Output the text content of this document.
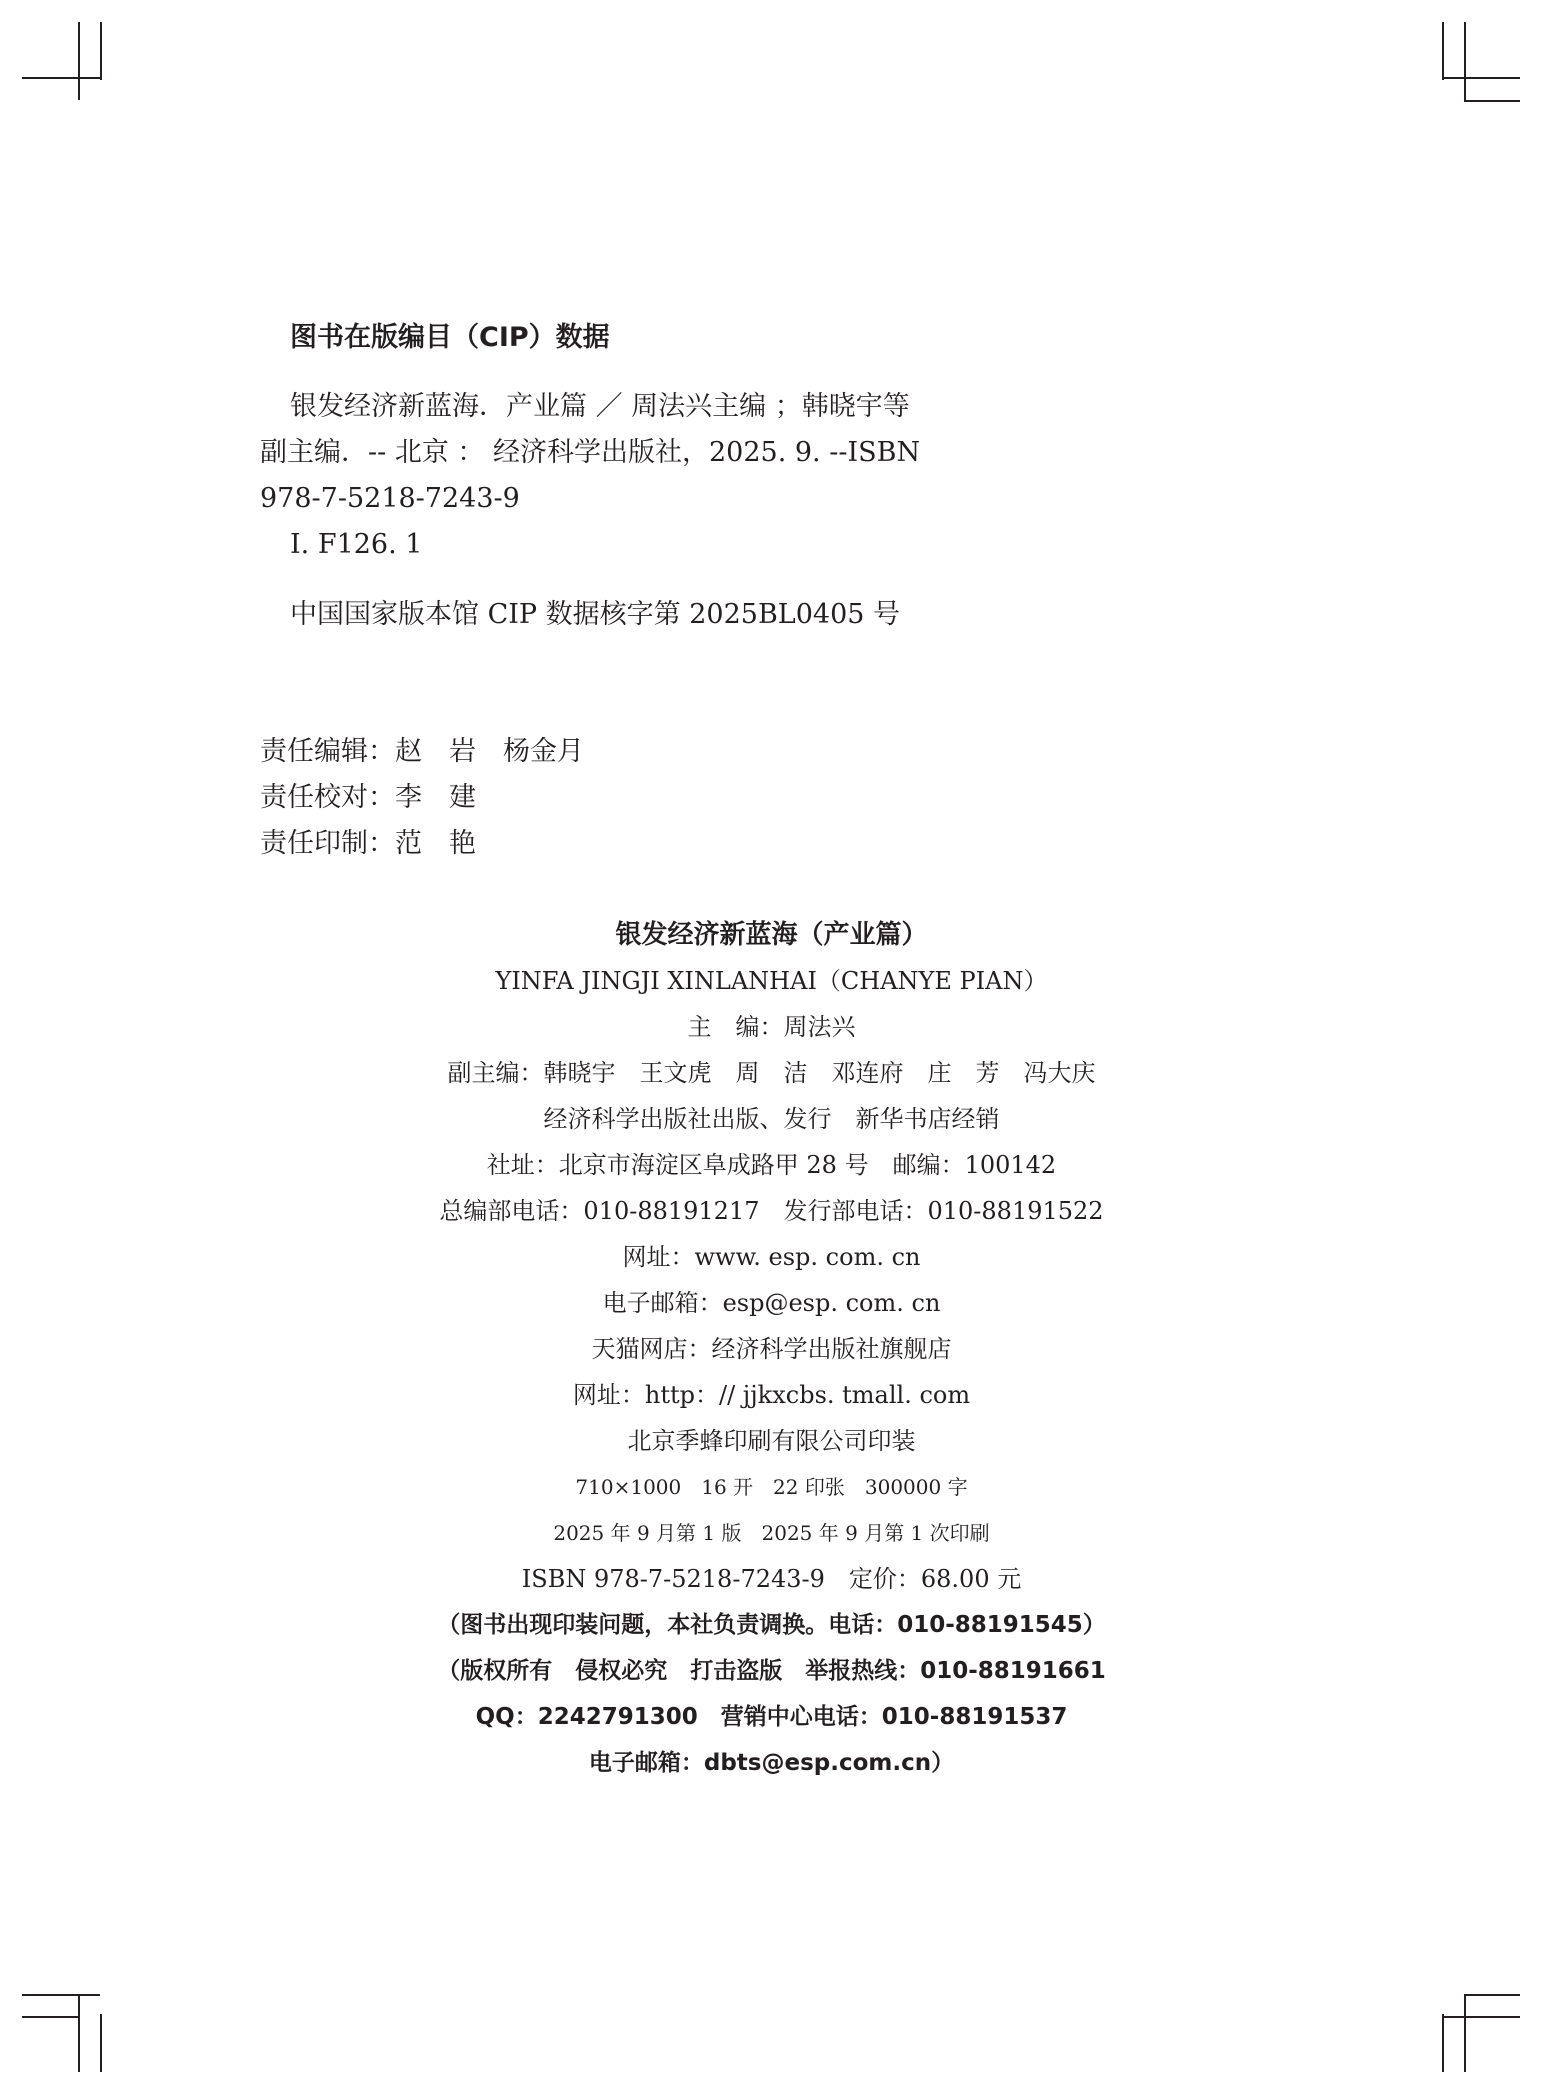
图书在版编目（CIP）数据
银发经济新蓝海．产业篇 ／ 周法兴主编 ；韩晓宇等
副主编．-- 北京 ： 经济科学出版社，2025. 9. --ISBN
978-7-5218-7243-9
Ⅰ. F126. 1
中国国家版本馆 CIP 数据核字第 2025BL0405 号
责任编辑：赵　岩　杨金月
责任校对：李　建
责任印制：范　艳
银发经济新蓝海（产业篇）
YINFA JINGJI XINLANHAI（CHANYE PIAN）
主　编：周法兴
副主编：韩晓宇　王文虎　周　洁　邓连府　庄　芳　冯大庆
经济科学出版社出版、发行　新华书店经销
社址：北京市海淀区阜成路甲 28 号　邮编：100142
总编部电话：010-88191217　发行部电话：010-88191522
网址：www. esp. com. cn
电子邮箱：esp@esp. com. cn
天猫网店：经济科学出版社旗舰店
网址：http：// jjkxcbs. tmall. com
北京季蜂印刷有限公司印装
710×1000　16 开　22 印张　300000 字
2025 年 9 月第 1 版　2025 年 9 月第 1 次印刷
ISBN 978-7-5218-7243-9　定价：68.00 元
（图书出现印装问题，本社负责调换。电话：010-88191545）
（版权所有　侵权必究　打击盗版　举报热线：010-88191661
QQ：2242791300　营销中心电话：010-88191537
电子邮箱：dbts@esp.com.cn）
